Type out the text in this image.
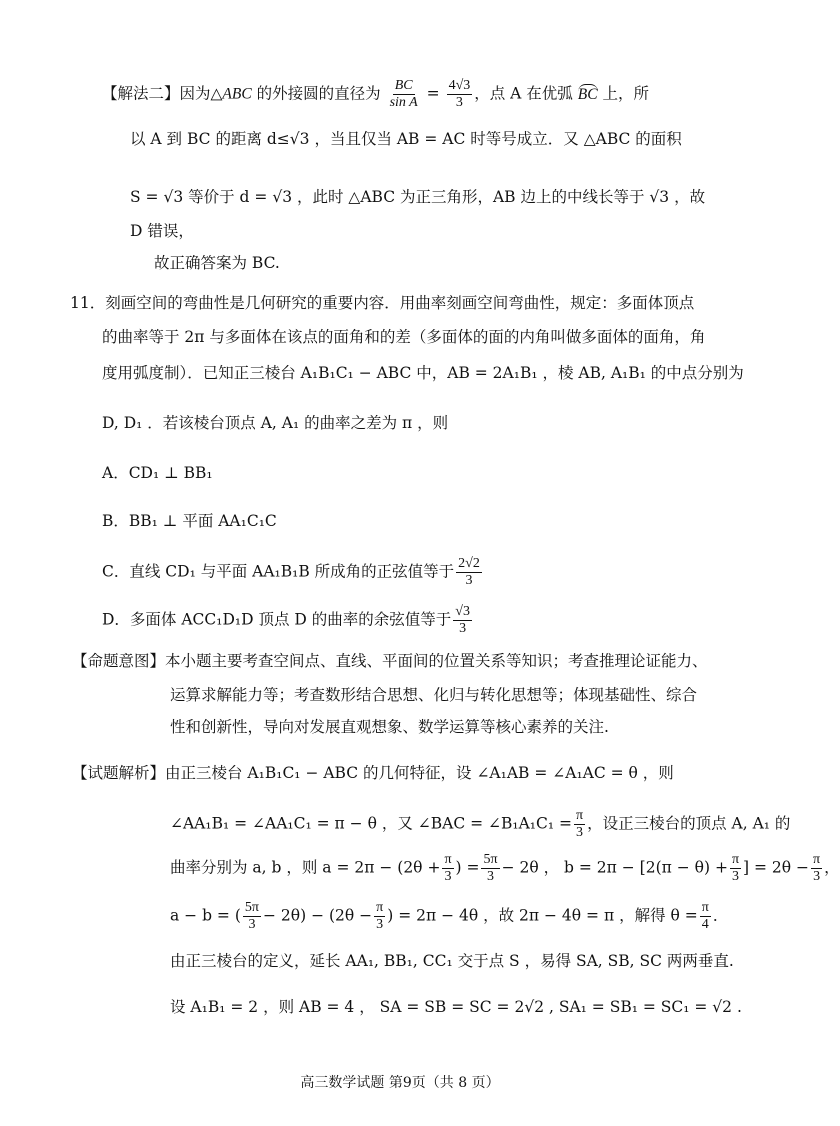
【解法二】因为△ABC 的外接圆的直径为 $\frac{BC}{\text{sin A}} = \frac{4√3}{3}$ ，点 A 在优弧 BC 上，所
以 A 到 BC 的距离 d≤√3 ，当且仅当 AB = AC 时等号成立．又 △ABC 的面积
S = √3 等价于 d = √3 ，此时 △ABC 为正三角形，AB 边上的中线长等于 √3 ，故
D 错误，
故正确答案为 BC.
11．刻画空间的弯曲性是几何研究的重要内容．用曲率刻画空间弯曲性，规定：多面体顶点
的曲率等于 2π 与多面体在该点的面角和的差（多面体的面的内角叫做多面体的面角，角
度用弧度制）．已知正三棱台 A₁B₁C₁ − ABC 中，AB = 2A₁B₁ ，棱 AB, A₁B₁ 的中点分别为
D, D₁ ．若该棱台顶点 A, A₁ 的曲率之差为 π ，则
A．CD₁ ⊥ BB₁
B．BB₁ ⊥ 平面 AA₁C₁C
C．直线 CD₁ 与平面 AA₁B₁B 所成角的正弦值等于 $\frac{2√2}{3}$
D．多面体 ACC₁D₁D 顶点 D 的曲率的余弦值等于 $\frac{√3}{3}$
【命题意图】本小题主要考查空间点、直线、平面间的位置关系等知识；考查推理论证能力、
运算求解能力等；考查数形结合思想、化归与转化思想等；体现基础性、综合
性和创新性，导向对发展直观想象、数学运算等核心素养的关注.
【试题解析】由正三棱台 A₁B₁C₁ − ABC 的几何特征，设 ∠A₁AB = ∠A₁AC = θ ，则
∠AA₁B₁ = ∠AA₁C₁ = π − θ ，又 ∠BAC = ∠B₁A₁C₁ = $\frac{\pi}{3}$ ，设正三棱台的顶点 A, A₁ 的
曲率分别为 a, b ，则 $a = 2\pi - (2\theta + \frac{\pi}{3}$ ) = $\frac{5\pi}{3} - 2\theta$ ， $b = 2\pi - [2(\pi - \theta) + \frac{\pi}{3}$ ] = $2\theta - \frac{\pi}{3}$ ，
a − b = ( $\frac{5\pi}{3} - 2\theta) - (2\theta - \frac{\pi}{3}$ ) = 2π − 4θ ，故 2π − 4θ = π ，解得 $\theta = \frac{\pi}{4}$ ．
由正三棱台的定义，延长 AA₁, BB₁, CC₁ 交于点 S ，易得 SA, SB, SC 两两垂直.
设 A₁B₁ = 2 ，则 AB = 4 ， SA = SB = SC = 2√2 , SA₁ = SB₁ = SC₁ = √2 .
高三数学试题 第9页（共 8 页）
